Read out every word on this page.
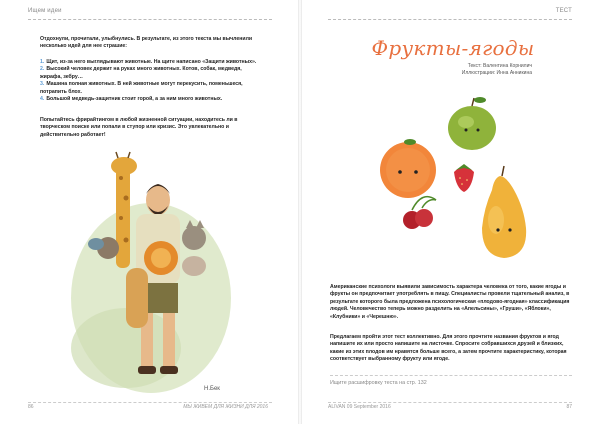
Ищем идеи
Отдохнули, прочитали, улыбнулись. В результате, из этого текста мы вычленили несколько идей для нее страшие:
1. Щит, из-за него выглядывают животные. На щите написано «Защити животных».
2. Высокий человек держит на руках много животных. Котов, собак, медведя, жирафа, зебру…
3. Машина полная животных. В ней животные могут перекусить, поменьшеся, потрапить блох.
4. Большой медведь-защитник стоит горой, а за ним много животных.
Попытайтесь фрирайтингом в любой жизненной ситуации, находитесь ли в творческом поиске или попали в ступор или кризис. Это увлекательно и действительно работает!
Н.Бек
86	МЫ ЖИВЕМ ДЛЯ ЖИЗНИ ДЛЯ 2016
ТЕСТ
Фрукты-ягоды
Текст: Валентина Корнилич
Иллюстрации: Инна Анникина
Американские психологи выявили зависимость характера человека от того, какие ягоды и фрукты он предпочитает употреблять в пищу. Специалисты провели тщательный анализ, в результате которого была предложена психологическая «плодово-ягодная» классификация людей. Человечество теперь можно разделить на «Апельсины», «Груши», «Яблоки», «Клубники» и «Черешню».
Предлагаем пройти этот тест коллективно. Для этого прочтите названия фруктов и ягод напишите их или просто напишите на листочке. Спросите собравшихся друзей и близких, какие из этих плодов им нравятся больше всего, а затем прочтите характеристику, которая соответствует выбранному фрукту или ягоде.
Ищите расшифровку теста на стр. 132
ALIVAN 09 September 2016	87
